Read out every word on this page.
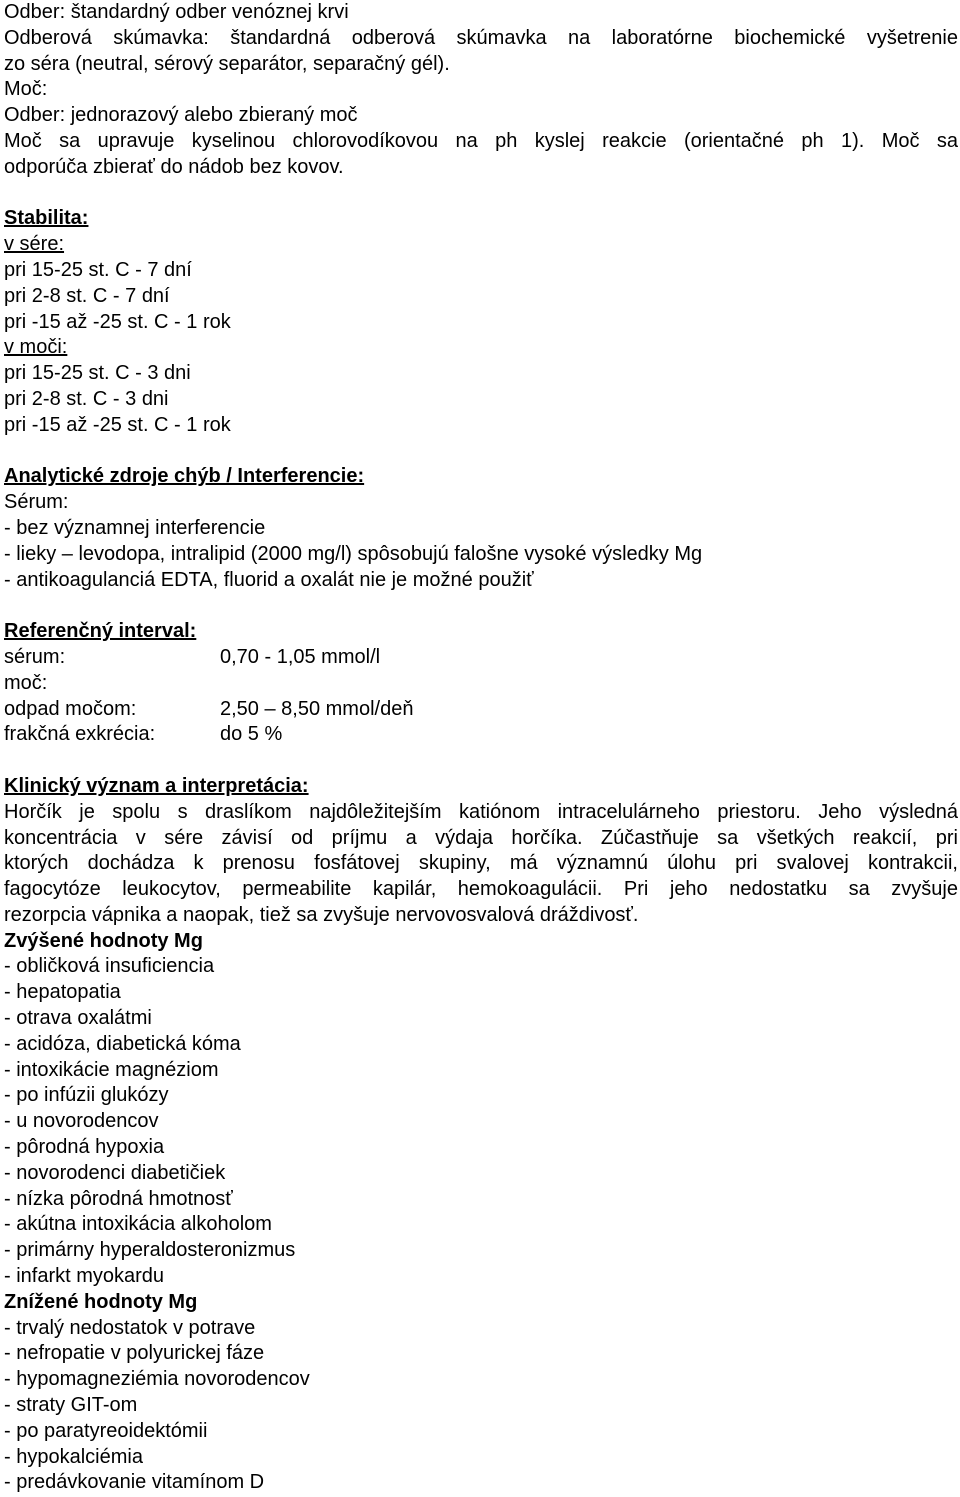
Odber: štandardný odber venóznej krvi
Odberová skúmavka: štandardná odberová skúmavka na laboratórne biochemické vyšetrenie
zo séra (neutral, sérový separátor, separačný gél).
Moč:
Odber: jednorazový alebo zbieraný moč
Moč sa upravuje kyselinou chlorovodíkovou na ph kyslej reakcie (orientačné ph 1). Moč sa
odporúča zbierať do nádob bez kovov.
Stabilita:
v sére:
pri 15-25 st. C - 7 dní
pri 2-8 st. C - 7 dní
pri -15 až -25 st. C - 1 rok
v moči:
pri 15-25 st. C - 3 dni
pri 2-8 st. C - 3 dni
pri -15 až -25 st. C - 1 rok
Analytické zdroje chýb / Interferencie:
Sérum:
- bez významnej interferencie
- lieky – levodopa, intralipid (2000 mg/l) spôsobujú falošne vysoké výsledky Mg
- antikoagulanciá EDTA, fluorid a oxalát nie je možné použiť
Referenčný interval:
sérum:	0,70 - 1,05 mmol/l
moč:
odpad močom:	2,50 – 8,50 mmol/deň
frakčná exkrécia:	do 5 %
Klinický význam a interpretácia:
Horčík je spolu s draslíkom najdôležitejším katiónom intracelulárneho priestoru. Jeho výsledná
koncentrácia v sére závisí od príjmu a výdaja horčíka. Zúčastňuje sa všetkých reakcií, pri
ktorých dochádza k prenosu fosfátovej skupiny, má významnú úlohu pri svalovej kontrakcii,
fagocytóze leukocytov, permeabilite kapilár, hemokoagulácii. Pri jeho nedostatku sa zvyšuje
rezorpcia vápnika a naopak, tiež sa zvyšuje nervovosvalová dráždivosť.
Zvýšené hodnoty Mg
- obličková insuficiencia
- hepatopatia
- otrava oxalátmi
- acidóza, diabetická kóma
- intoxikácie magnéziom
- po infúzii glukózy
- u novorodencov
- pôrodná hypoxia
- novorodenci diabetičiek
- nízka pôrodná hmotnosť
- akútna intoxikácia alkoholom
- primárny hyperaldosteronizmus
- infarkt myokardu
Znížené hodnoty Mg
- trvalý nedostatok v potrave
- nefropatie v polyurickej fáze
- hypomagneziémia novorodencov
- straty GIT-om
- po paratyreoidektómii
- hypokalciémia
- predávkovanie vitamínom D
